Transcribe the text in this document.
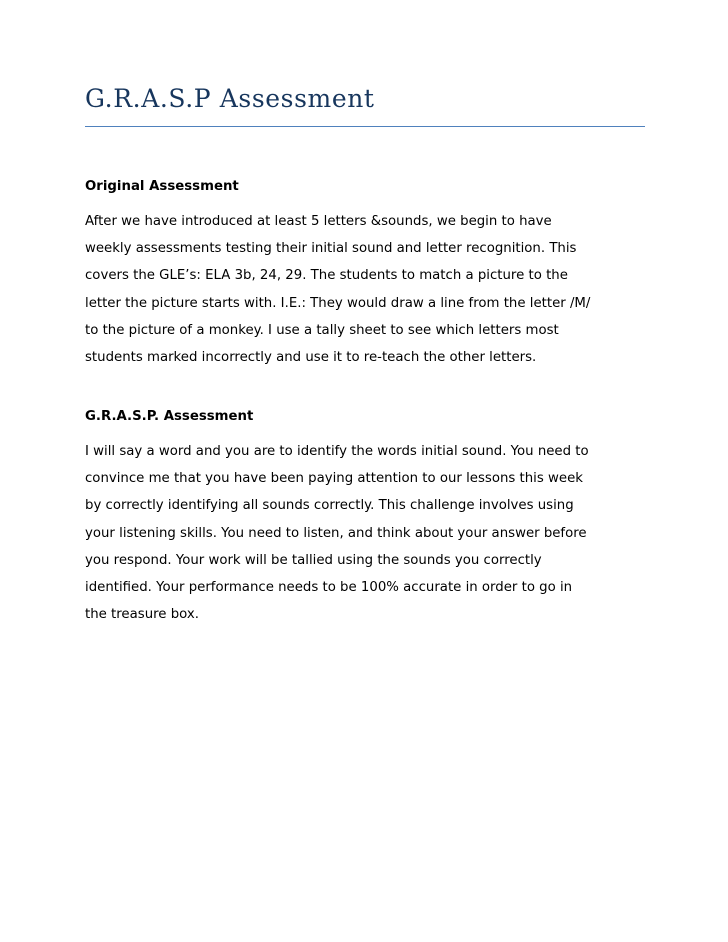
G.R.A.S.P Assessment
Original Assessment

After we have introduced at least 5 letters &sounds, we begin to have
weekly assessments testing their initial sound and letter recognition. This
covers the GLE’s: ELA 3b, 24, 29. The students to match a picture to the
letter the picture starts with. I.E.: They would draw a line from the letter /M/
to the picture of a monkey. I use a tally sheet to see which letters most
students marked incorrectly and use it to re-teach the other letters.

G.R.A.S.P. Assessment

I will say a word and you are to identify the words initial sound. You need to
convince me that you have been paying attention to our lessons this week
by correctly identifying all sounds correctly. This challenge involves using
your listening skills. You need to listen, and think about your answer before
you respond. Your work will be tallied using the sounds you correctly
identified. Your performance needs to be 100% accurate in order to go in
the treasure box.
